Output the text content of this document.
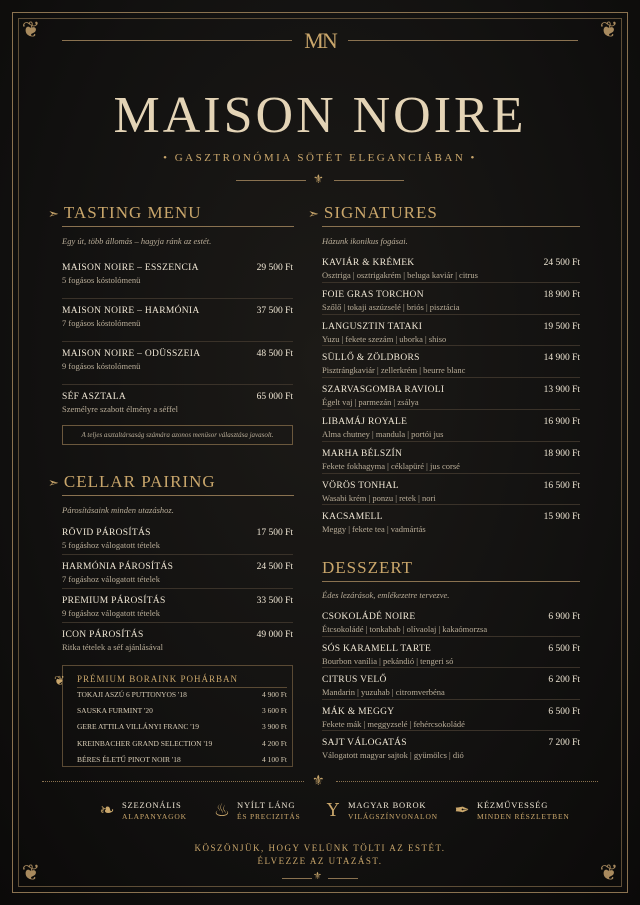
❦	❦
❦	❦
MN
MAISON NOIRE
• GASZTRONÓMIA SÖTÉT ELEGANCIÁBAN •
⚜
➣ TASTING MENU
Egy út, több állomás – hagyja ránk az estét.
MAISON NOIRE – ESSZENCIA
5 fogásos kóstolómenü
29 500 Ft
MAISON NOIRE – HARMÓNIA
7 fogásos kóstolómenü
37 500 Ft
MAISON NOIRE – ODÜSSZEIA
9 fogásos kóstolómenü
48 500 Ft
SÉF ASZTALA
Személyre szabott élmény a séffel
65 000 Ft
A teljes asztaltársaság számára azonos menüsor választása javasolt.
➣ CELLAR PAIRING
Párosításaink minden utazáshoz.
RÖVID PÁROSÍTÁS
5 fogáshoz válogatott tételek
17 500 Ft
HARMÓNIA PÁROSÍTÁS
7 fogáshoz válogatott tételek
24 500 Ft
PREMIUM PÁROSÍTÁS
9 fogáshoz válogatott tételek
33 500 Ft
ICON PÁROSÍTÁS
Ritka tételek a séf ajánlásával
49 000 Ft
❦ PRÉMIUM BORAINK POHÁRBAN
TOKAJI ASZÚ 6 PUTTONYOS '18	4 900 Ft
SAUSKA FURMINT '20	3 600 Ft
GERE ATTILA VILLÁNYI FRANC '19	3 900 Ft
KREINBACHER GRAND SELECTION '19	4 200 Ft
BÉRES ÉLETŰ PINOT NOIR '18	4 100 Ft
➣ SIGNATURES
Házunk ikonikus fogásai.
KAVIÁR & KRÉMEK
Osztriga | osztrigakrém | beluga kaviár | citrus
24 500 Ft
FOIE GRAS TORCHON
Szőlő | tokaji aszúzselé | briós | pisztácia
18 900 Ft
LANGUSZTIN TATAKI
Yuzu | fekete szezám | uborka | shiso
19 500 Ft
SÜLLŐ & ZÖLDBORS
Pisztrángkaviár | zellerkrém | beurre blanc
14 900 Ft
SZARVASGOMBA RAVIOLI
Égelt vaj | parmezán | zsálya
13 900 Ft
LIBAMÁJ ROYALE
Alma chutney | mandula | portói jus
16 900 Ft
MARHA BÉLSZÍN
Fekete fokhagyma | céklapüré | jus corsé
18 900 Ft
VÖRÖS TONHAL
Wasabi krém | ponzu | retek | nori
16 500 Ft
KACSAMELL
Meggy | fekete tea | vadmártás
15 900 Ft
DESSZERT
Édes lezárások, emlékezetre tervezve.
CSOKOLÁDÉ NOIRE
Étcsokoládé | tonkabab | olívaolaj | kakaómorzsa
6 900 Ft
SÓS KARAMELL TARTE
Bourbon vanília | pekándió | tengeri só
6 500 Ft
CITRUS VELŐ
Mandarin | yuzuhab | citromverbéna
6 200 Ft
MÁK & MEGGY
Fekete mák | meggyzselé | fehércsokoládé
6 500 Ft
SAJT VÁLOGATÁS
Válogatott magyar sajtok | gyümölcs | dió
7 200 Ft
⚜
❧ SZEZONÁLIS
ALAPANYAGOK ♨ NYÍLT LÁNG
ÉS PRECIZITÁS Y	MAGYAR BOROK
VILÁGSZÍNVONALON ✒ KÉZMŰVESSÉG
MINDEN RÉSZLETBEN
KÖSZÖNJÜK, HOGY VELÜNK TÖLTI AZ ESTÉT.
ÉLVEZZE AZ UTAZÁST.
⚜
